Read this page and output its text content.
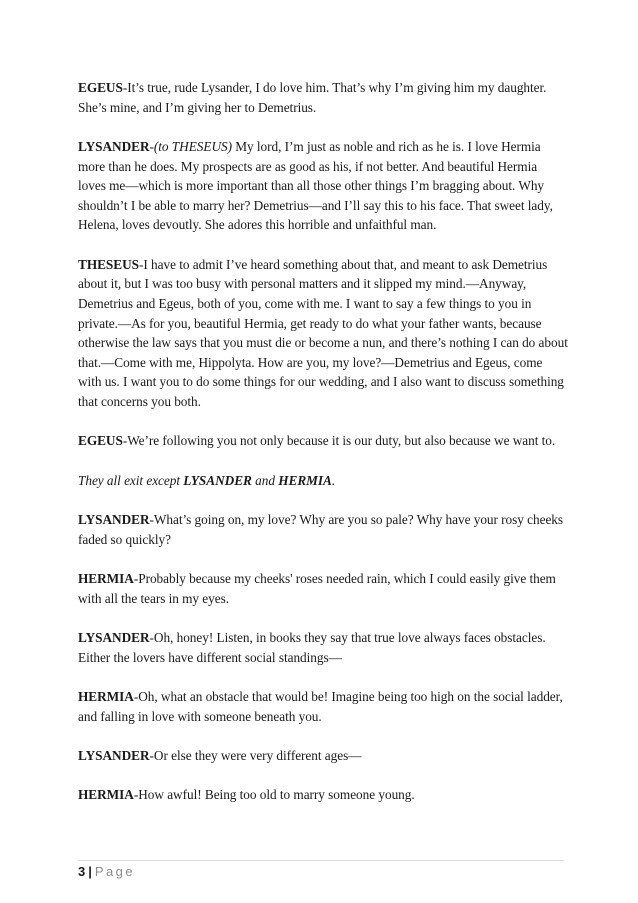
EGEUS-It’s true, rude Lysander, I do love him. That’s why I’m giving him my daughter. She’s mine, and I’m giving her to Demetrius.

LYSANDER-(to THESEUS) My lord, I’m just as noble and rich as he is. I love Hermia more than he does. My prospects are as good as his, if not better. And beautiful Hermia loves me—which is more important than all those other things I’m bragging about. Why shouldn’t I be able to marry her? Demetrius—and I’ll say this to his face. That sweet lady, Helena, loves devoutly. She adores this horrible and unfaithful man.

THESEUS-I have to admit I’ve heard something about that, and meant to ask Demetrius about it, but I was too busy with personal matters and it slipped my mind.—Anyway, Demetrius and Egeus, both of you, come with me. I want to say a few things to you in private.—As for you, beautiful Hermia, get ready to do what your father wants, because otherwise the law says that you must die or become a nun, and there’s nothing I can do about that.—Come with me, Hippolyta. How are you, my love?—Demetrius and Egeus, come with us. I want you to do some things for our wedding, and I also want to discuss something that concerns you both.

EGEUS-We’re following you not only because it is our duty, but also because we want to.

They all exit except LYSANDER and HERMIA.

LYSANDER-What’s going on, my love? Why are you so pale? Why have your rosy cheeks faded so quickly?

HERMIA-Probably because my cheeks' roses needed rain, which I could easily give them with all the tears in my eyes.

LYSANDER-Oh, honey! Listen, in books they say that true love always faces obstacles. Either the lovers have different social standings—

HERMIA-Oh, what an obstacle that would be! Imagine being too high on the social ladder, and falling in love with someone beneath you.

LYSANDER-Or else they were very different ages—

HERMIA-How awful! Being too old to marry someone young.

3 | Page
